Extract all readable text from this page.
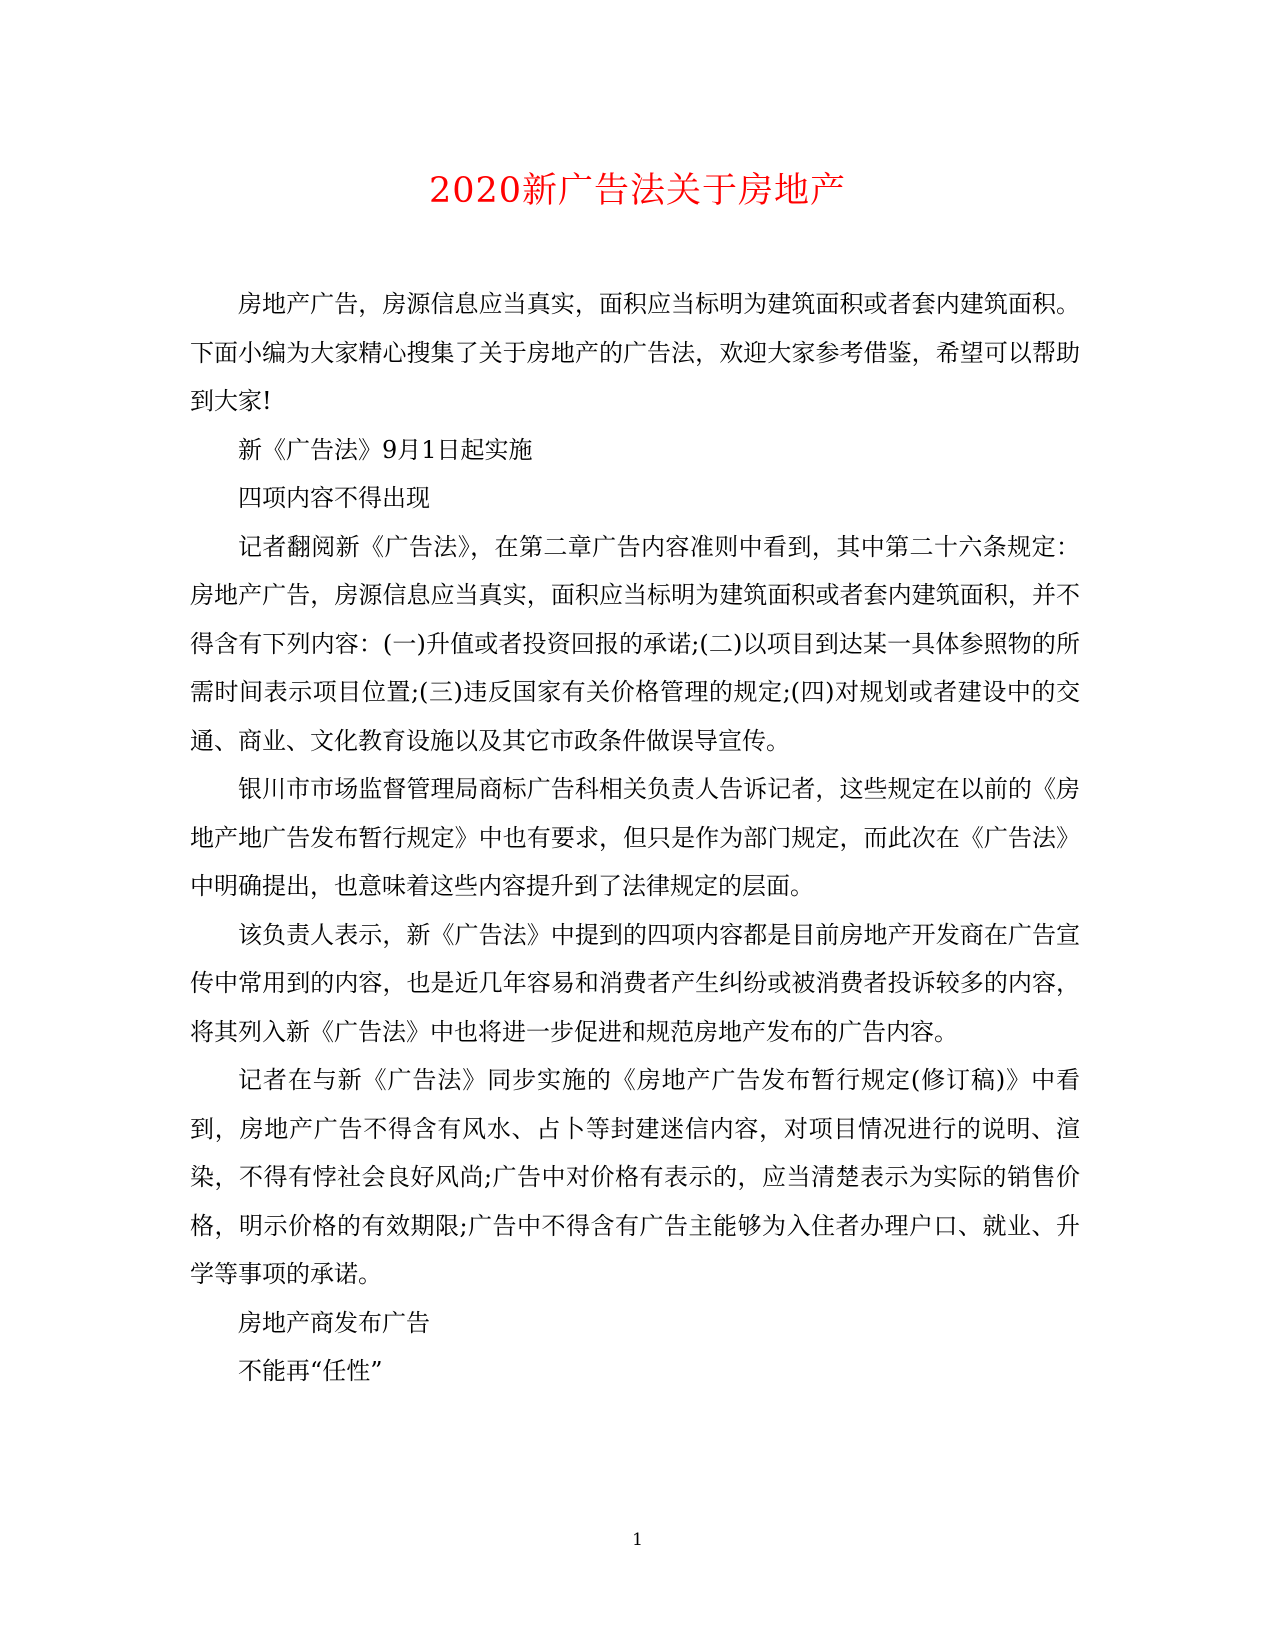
2020新广告法关于房地产

房地产广告，房源信息应当真实，面积应当标明为建筑面积或者套内建筑面积。下面小编为大家精心搜集了关于房地产的广告法，欢迎大家参考借鉴，希望可以帮助到大家!

新《广告法》9月1日起实施

四项内容不得出现

记者翻阅新《广告法》，在第二章广告内容准则中看到，其中第二十六条规定：房地产广告，房源信息应当真实，面积应当标明为建筑面积或者套内建筑面积，并不得含有下列内容：(一)升值或者投资回报的承诺;(二)以项目到达某一具体参照物的所需时间表示项目位置;(三)违反国家有关价格管理的规定;(四)对规划或者建设中的交通、商业、文化教育设施以及其它市政条件做误导宣传。

银川市市场监督管理局商标广告科相关负责人告诉记者，这些规定在以前的《房地产地广告发布暂行规定》中也有要求，但只是作为部门规定，而此次在《广告法》中明确提出，也意味着这些内容提升到了法律规定的层面。

该负责人表示，新《广告法》中提到的四项内容都是目前房地产开发商在广告宣传中常用到的内容，也是近几年容易和消费者产生纠纷或被消费者投诉较多的内容，将其列入新《广告法》中也将进一步促进和规范房地产发布的广告内容。

记者在与新《广告法》同步实施的《房地产广告发布暂行规定(修订稿)》中看到，房地产广告不得含有风水、占卜等封建迷信内容，对项目情况进行的说明、渲染，不得有悖社会良好风尚;广告中对价格有表示的，应当清楚表示为实际的销售价格，明示价格的有效期限;广告中不得含有广告主能够为入住者办理户口、就业、升学等事项的承诺。

房地产商发布广告

不能再“任性”

1
